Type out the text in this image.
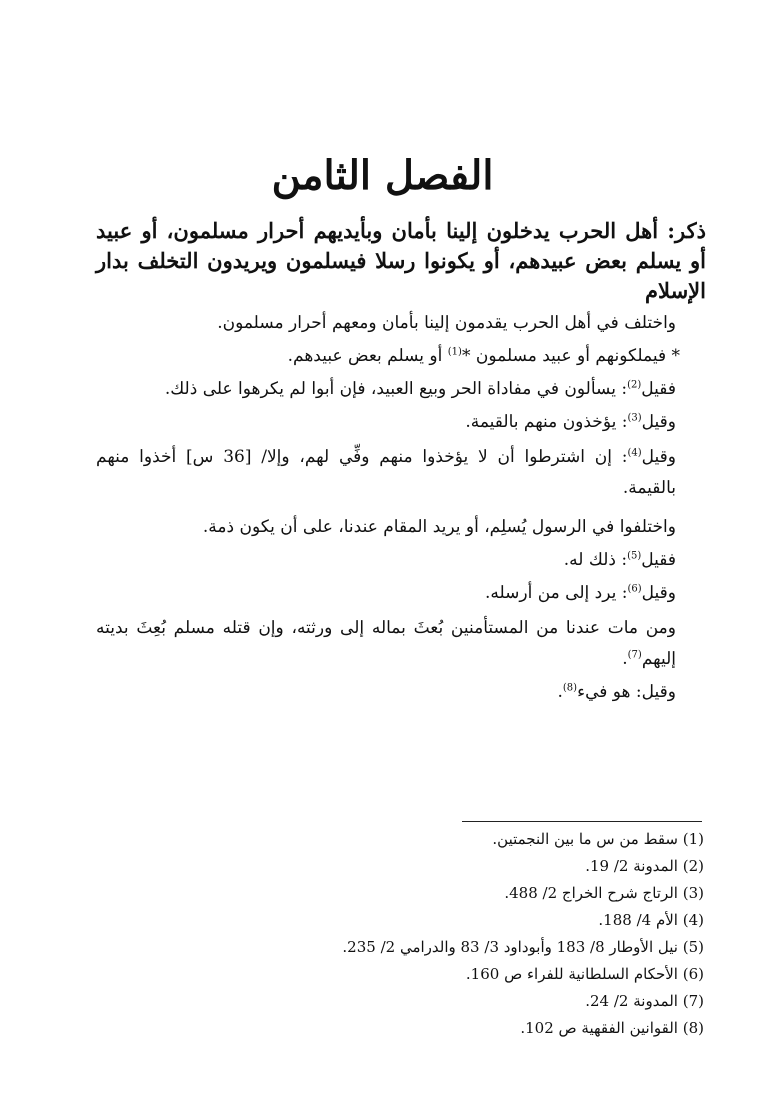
الفصل الثامن

ذكر: أهل الحرب يدخلون إلينا بأمان وبأيديهم أحرار مسلمون، أو عبيد أو يسلم بعض عبيدهم، أو يكونوا رسلا فيسلمون ويريدون التخلف بدار الإسلام

واختلف في أهل الحرب يقدمون إلينا بأمان ومعهم أحرار مسلمون.

* فيملكونهم أو عبيد مسلمون *$^{(1)}$ أو يسلم بعض عبيدهم.

فقيل$^{(2)}$: يسألون في مفاداة الحر وبيع العبيد، فإن أبوا لم يكرهوا على ذلك.

وقيل$^{(3)}$: يؤخذون منهم بالقيمة.

وقيل$^{(4)}$: إن اشترطوا أن لا يؤخذوا منهم وفِّي لهم، وإلا/ [36 س] أخذوا منهم بالقيمة.

واختلفوا في الرسول يُسلِم، أو يريد المقام عندنا، على أن يكون ذمة.

فقيل$^{(5)}$: ذلك له.

وقيل$^{(6)}$: يرد إلى من أرسله.

ومن مات عندنا من المستأمنين بُعثَ بماله إلى ورثته، وإن قتله مسلم بُعِثَ بديته إليهم$^{(7)}$.

وقيل: هو فيء$^{(8)}$.

(1) سقط من س ما بين النجمتين.
(2) المدونة 2/ 19.
(3) الرتاج شرح الخراج 2/ 488.
(4) الأم 4/ 188.
(5) نيل الأوطار 8/ 183 وأبوداود 3/ 83 والدرامي 2/ 235.
(6) الأحكام السلطانية للفراء ص 160.
(7) المدونة 2/ 24.
(8) القوانين الفقهية ص 102.
